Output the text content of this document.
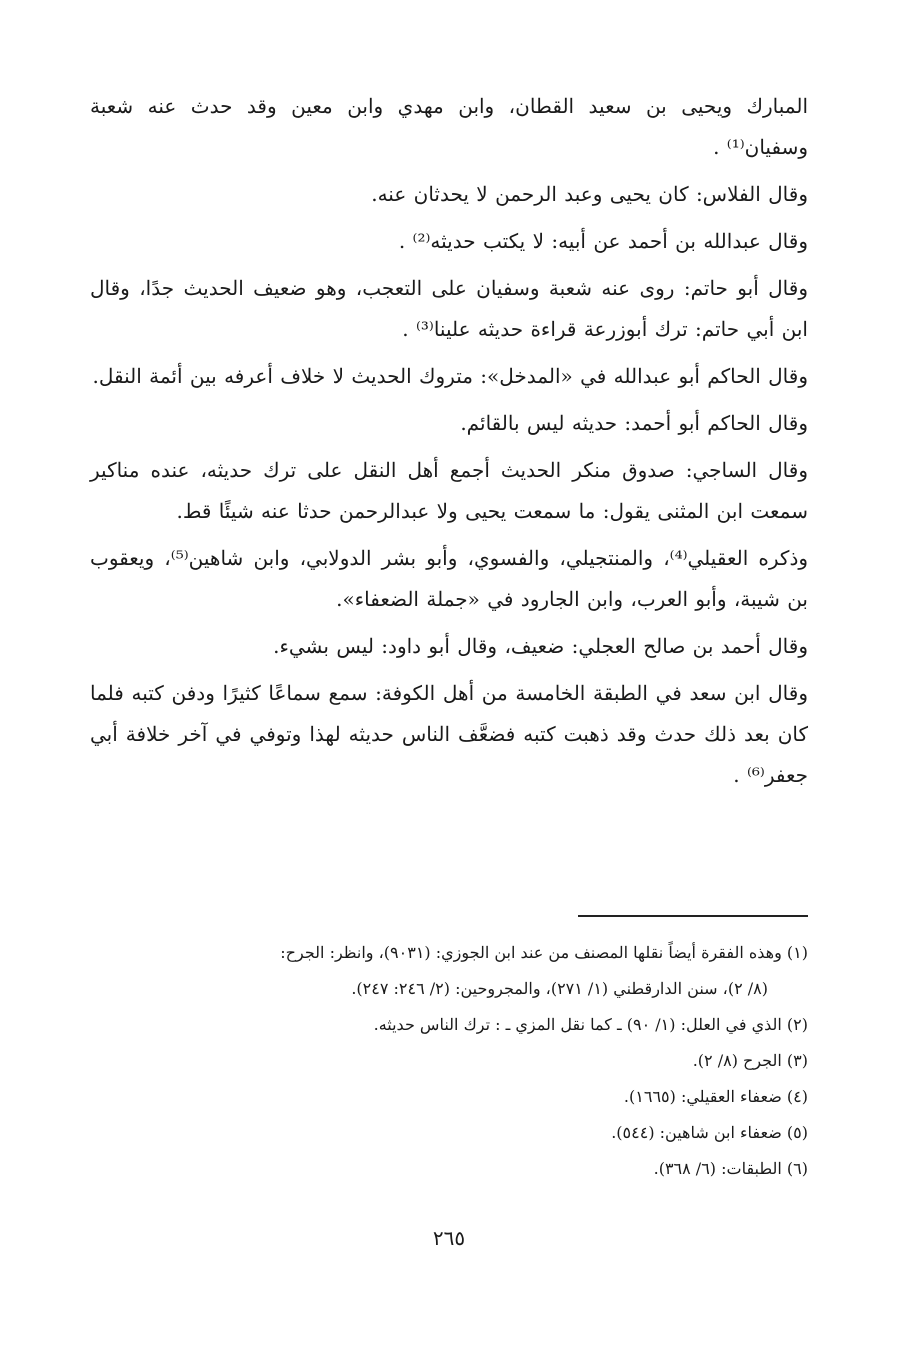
المبارك ويحيى بن سعيد القطان، وابن مهدي وابن معين وقد حدث عنه شعبة وسفيان⁽¹⁾ .

وقال الفلاس: كان يحيى وعبد الرحمن لا يحدثان عنه.

وقال عبدالله بن أحمد عن أبيه: لا يكتب حديثه⁽²⁾ .

وقال أبو حاتم: روى عنه شعبة وسفيان على التعجب، وهو ضعيف الحديث جدًا، وقال ابن أبي حاتم: ترك أبوزرعة قراءة حديثه علينا⁽³⁾ .

وقال الحاكم أبو عبدالله في «المدخل»: متروك الحديث لا خلاف أعرفه بين أئمة النقل.

وقال الحاكم أبو أحمد: حديثه ليس بالقائم.

وقال الساجي: صدوق منكر الحديث أجمع أهل النقل على ترك حديثه، عنده مناكير سمعت ابن المثنى يقول: ما سمعت يحيى ولا عبدالرحمن حدثا عنه شيئًا قط.

وذكره العقيلي⁽⁴⁾، والمنتجيلي، والفسوي، وأبو بشر الدولابي، وابن شاهين⁽⁵⁾، ويعقوب بن شيبة، وأبو العرب، وابن الجارود في «جملة الضعفاء».

وقال أحمد بن صالح العجلي: ضعيف، وقال أبو داود: ليس بشيء.

وقال ابن سعد في الطبقة الخامسة من أهل الكوفة: سمع سماعًا كثيرًا ودفن كتبه فلما كان بعد ذلك حدث وقد ذهبت كتبه فضعَّف الناس حديثه لهذا وتوفي في آخر خلافة أبي جعفر⁽⁶⁾ .

(١) وهذه الفقرة أيضاً نقلها المصنف من عند ابن الجوزي: (٩٠٣١)، وانظر: الجرح:

(٨/ ٢)، سنن الدارقطني (١/ ٢٧١)، والمجروحين: (٢/ ٢٤٦: ٢٤٧).

(٢) الذي في العلل: (١/ ٩٠) ـ كما نقل المزي ـ : ترك الناس حديثه.

(٣) الجرح (٨/ ٢).

(٤) ضعفاء العقيلي: (١٦٦٥).

(٥) ضعفاء ابن شاهين: (٥٤٤).

(٦) الطبقات: (٦/ ٣٦٨).

٢٦٥
